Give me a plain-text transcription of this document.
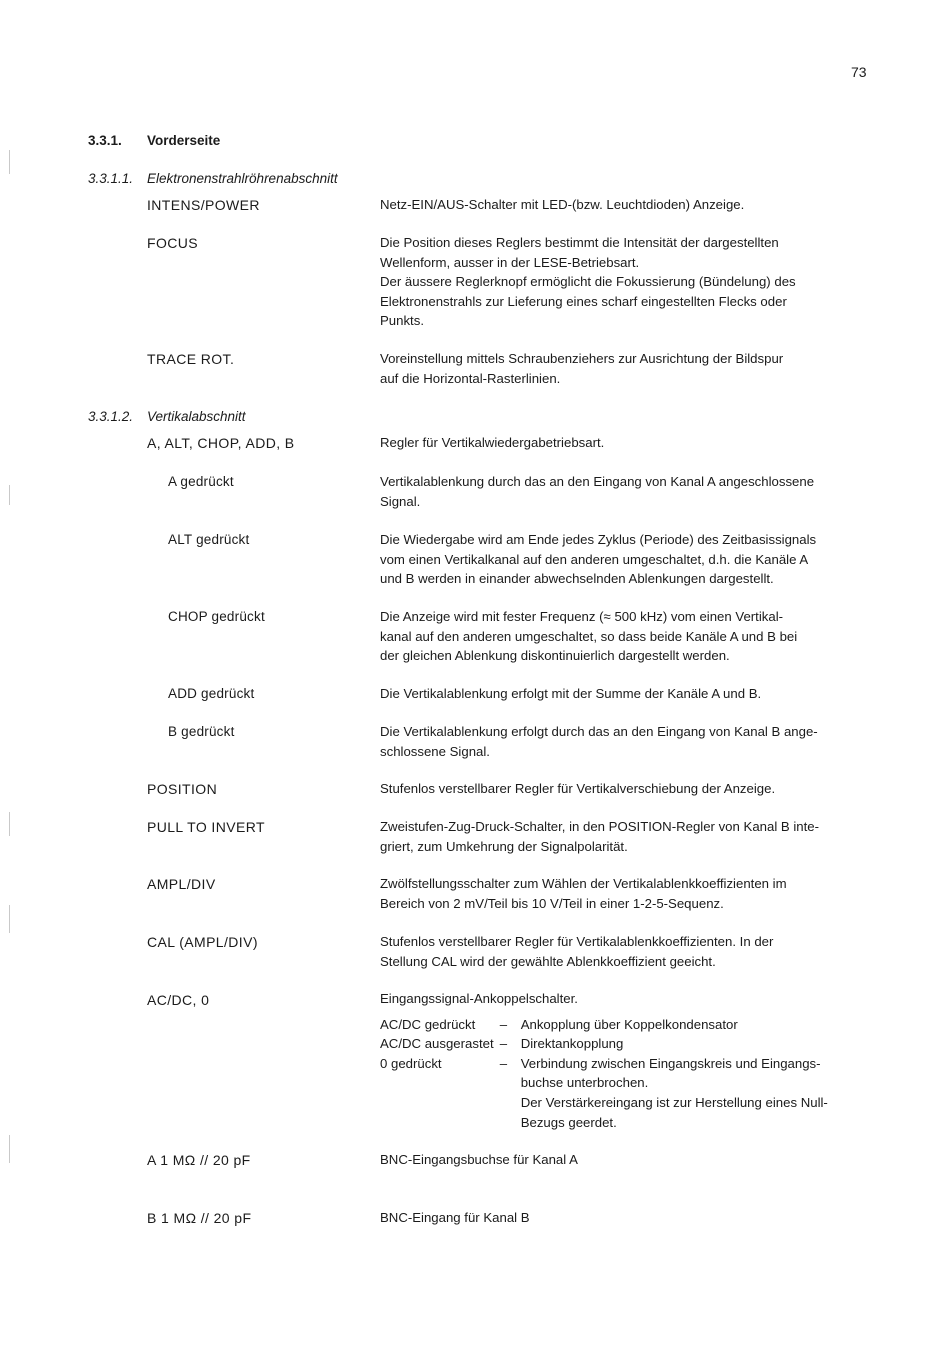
73
3.3.1. Vorderseite
3.3.1.1. Elektronenstrahlröhrenabschnitt
INTENS/POWER	Netz-EIN/AUS-Schalter mit LED-(bzw. Leuchtdioden) Anzeige.
FOCUS	Die Position dieses Reglers bestimmt die Intensität der dargestellten
Wellenform, ausser in der LESE-Betriebsart.
Der äussere Reglerknopf ermöglicht die Fokussierung (Bündelung) des
Elektronenstrahls zur Lieferung eines scharf eingestellten Flecks oder
Punkts.
TRACE ROT.	Voreinstellung mittels Schraubenziehers zur Ausrichtung der Bildspur
auf die Horizontal-Rasterlinien.
3.3.1.2. Vertikalabschnitt
A, ALT, CHOP, ADD, B	Regler für Vertikalwiedergabetriebsart.
A gedrückt	Vertikalablenkung durch das an den Eingang von Kanal A angeschlossene
Signal.
ALT gedrückt	Die Wiedergabe wird am Ende jedes Zyklus (Periode) des Zeitbasissignals
vom einen Vertikalkanal auf den anderen umgeschaltet, d.h. die Kanäle A
und B werden in einander abwechselnden Ablenkungen dargestellt.
CHOP gedrückt	Die Anzeige wird mit fester Frequenz (≈ 500 kHz) vom einen Vertikal-
kanal auf den anderen umgeschaltet, so dass beide Kanäle A und B bei
der gleichen Ablenkung diskontinuierlich dargestellt werden.
ADD gedrückt	Die Vertikalablenkung erfolgt mit der Summe der Kanäle A und B.
B gedrückt	Die Vertikalablenkung erfolgt durch das an den Eingang von Kanal B ange-
schlossene Signal.
POSITION	Stufenlos verstellbarer Regler für Vertikalverschiebung der Anzeige.
PULL TO INVERT	Zweistufen-Zug-Druck-Schalter, in den POSITION-Regler von Kanal B inte-
griert, zum Umkehrung der Signalpolarität.
AMPL/DIV	Zwölfstellungsschalter zum Wählen der Vertikalablenkkoeffizienten im
Bereich von 2 mV/Teil bis 10 V/Teil in einer 1-2-5-Sequenz.
CAL (AMPL/DIV)	Stufenlos verstellbarer Regler für Vertikalablenkkoeffizienten. In der
Stellung CAL wird der gewählte Ablenkkoeffizient geeicht.
AC/DC, 0	Eingangssignal-Ankoppelschalter.
AC/DC gedrückt	–	Ankopplung über Koppelkondensator
AC/DC ausgerastet –	Direktankopplung
0 gedrückt	–	Verbindung zwischen Eingangskreis und Eingangs-
buchse unterbrochen.
Der Verstärkereingang ist zur Herstellung eines Null-
Bezugs geerdet.
A 1 MΩ // 20 pF	BNC-Eingangsbuchse für Kanal A
B 1 MΩ // 20 pF	BNC-Eingang für Kanal B
